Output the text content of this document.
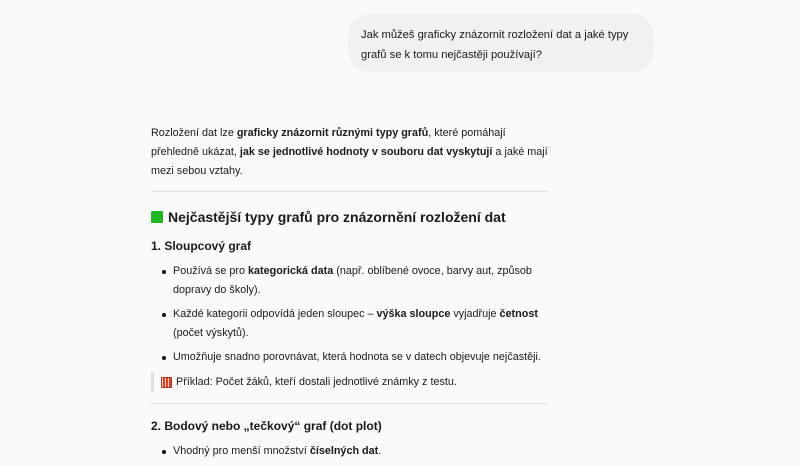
Jak můžeš graficky znázornit rozložení dat a jaké typy grafů se k tomu nejčastěji používají?

Rozložení dat lze graficky znázornit různými typy grafů, které pomáhají přehledně ukázat, jak se jednotlivé hodnoty v souboru dat vyskytují a jaké mají mezi sebou vztahy.

Nejčastější typy grafů pro znázornění rozložení dat
1. Sloupcový graf
Používá se pro kategorická data (např. oblíbené ovoce, barvy aut, způsob dopravy do školy).
Každé kategorii odpovídá jeden sloupec – výška sloupce vyjadřuje četnost (počet výskytů).
Umožňuje snadno porovnávat, která hodnota se v datech objevuje nejčastěji.
Příklad: Počet žáků, kteří dostali jednotlivé známky z testu.
2. Bodový nebo „tečkový“ graf (dot plot)
Vhodný pro menší množství číselných dat.
